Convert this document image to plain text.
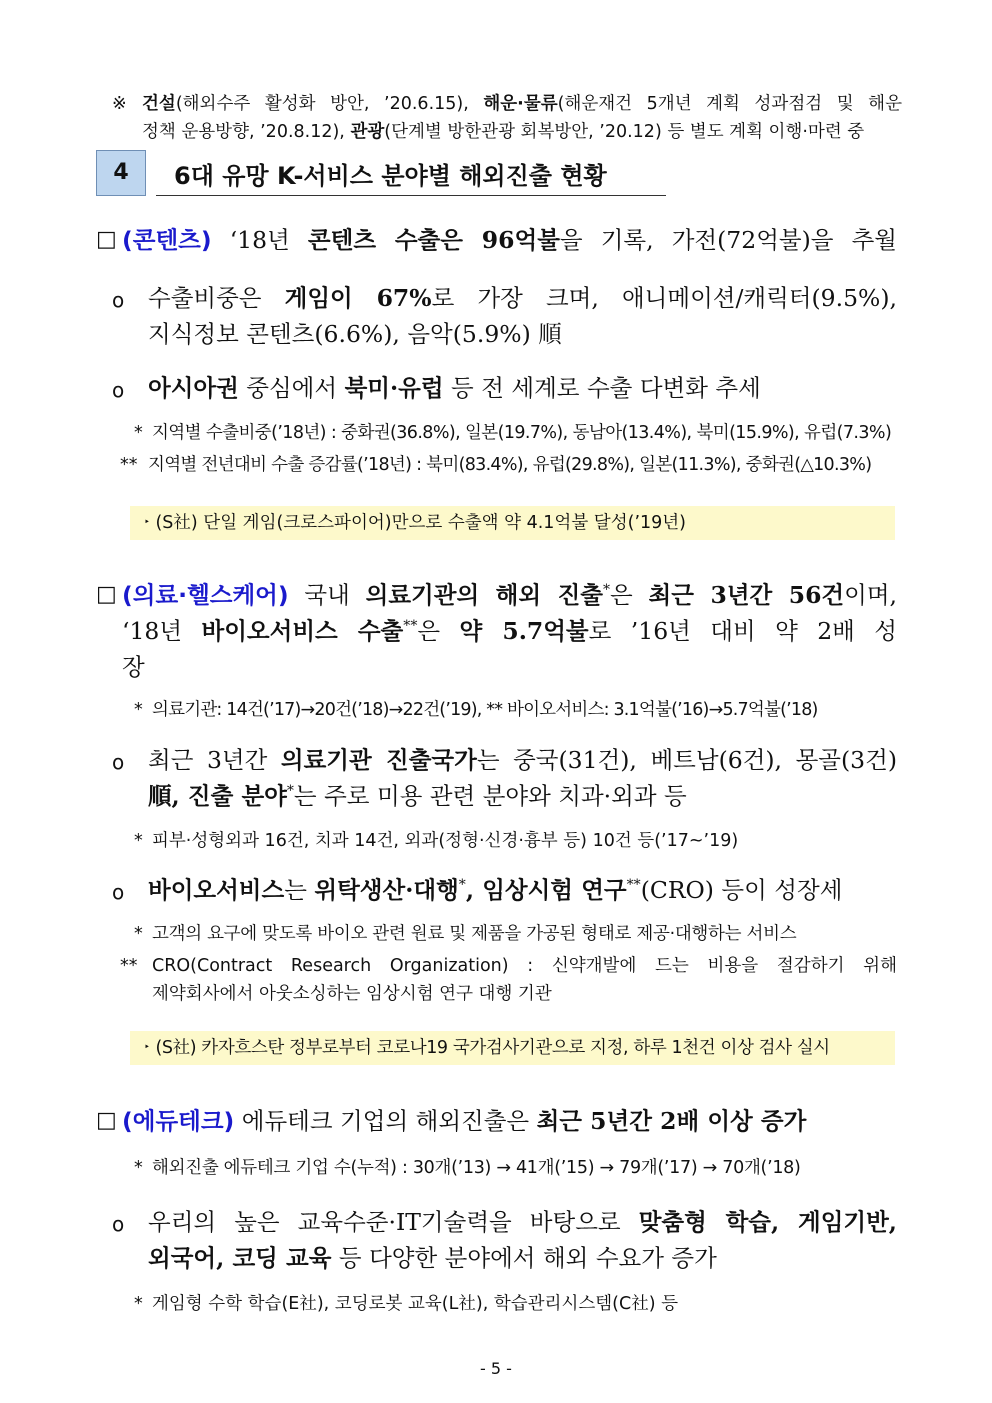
※ 건설(해외수주 활성화 방안, ’20.6.15), 해운·물류(해운재건 5개년 계획 성과점검 및 해운
정책 운용방향, ’20.8.12), 관광(단계별 방한관광 회복방안, ’20.12) 등 별도 계획 이행·마련 중
4	6대 유망 K-서비스 분야별 해외진출 현황
□ (콘텐츠) ‘18년 콘텐츠 수출은 96억불을 기록, 가전(72억불)을 추월
ο 수출비중은 게임이 67%로 가장 크며, 애니메이션/캐릭터(9.5%),
지식정보 콘텐츠(6.6%), 음악(5.9%) 順
ο 아시아권 중심에서 북미·유럽 등 전 세계로 수출 다변화 추세
* 지역별 수출비중(’18년) : 중화권(36.8%), 일본(19.7%), 동남아(13.4%), 북미(15.9%), 유럽(7.3%)
** 지역별 전년대비 수출 증감률(’18년) : 북미(83.4%), 유럽(29.8%), 일본(11.3%), 중화권(△10.3%)
‣ (S社) 단일 게임(크로스파이어)만으로 수출액 약 4.1억불 달성(’19년)
□ (의료·헬스케어) 국내 의료기관의 해외 진출*은 최근 3년간 56건이며,
‘18년 바이오서비스 수출**은 약 5.7억불로 ’16년 대비 약 2배 성
장
* 의료기관: 14건(’17)→20건(’18)→22건(’19), ** 바이오서비스: 3.1억불(’16)→5.7억불(’18)
ο 최근 3년간 의료기관 진출국가는 중국(31건), 베트남(6건), 몽골(3건)
順, 진출 분야*는 주로 미용 관련 분야와 치과·외과 등
* 피부·성형외과 16건, 치과 14건, 외과(정형·신경·흉부 등) 10건 등(’17~’19)
ο 바이오서비스는 위탁생산·대행*, 임상시험 연구**(CRO) 등이 성장세
* 고객의 요구에 맞도록 바이오 관련 원료 및 제품을 가공된 형태로 제공·대행하는 서비스
** CRO(Contract Research Organization) : 신약개발에 드는 비용을 절감하기 위해
제약회사에서 아웃소싱하는 임상시험 연구 대행 기관
‣ (S社) 카자흐스탄 정부로부터 코로나19 국가검사기관으로 지정, 하루 1천건 이상 검사 실시
□ (에듀테크) 에듀테크 기업의 해외진출은 최근 5년간 2배 이상 증가
* 해외진출 에듀테크 기업 수(누적) : 30개(’13) → 41개(’15) → 79개(’17) → 70개(’18)
ο 우리의 높은 교육수준·IT기술력을 바탕으로 맞춤형 학습, 게임기반,
외국어, 코딩 교육 등 다양한 분야에서 해외 수요가 증가
* 게임형 수학 학습(E社), 코딩로봇 교육(L社), 학습관리시스템(C社) 등
- 5 -
